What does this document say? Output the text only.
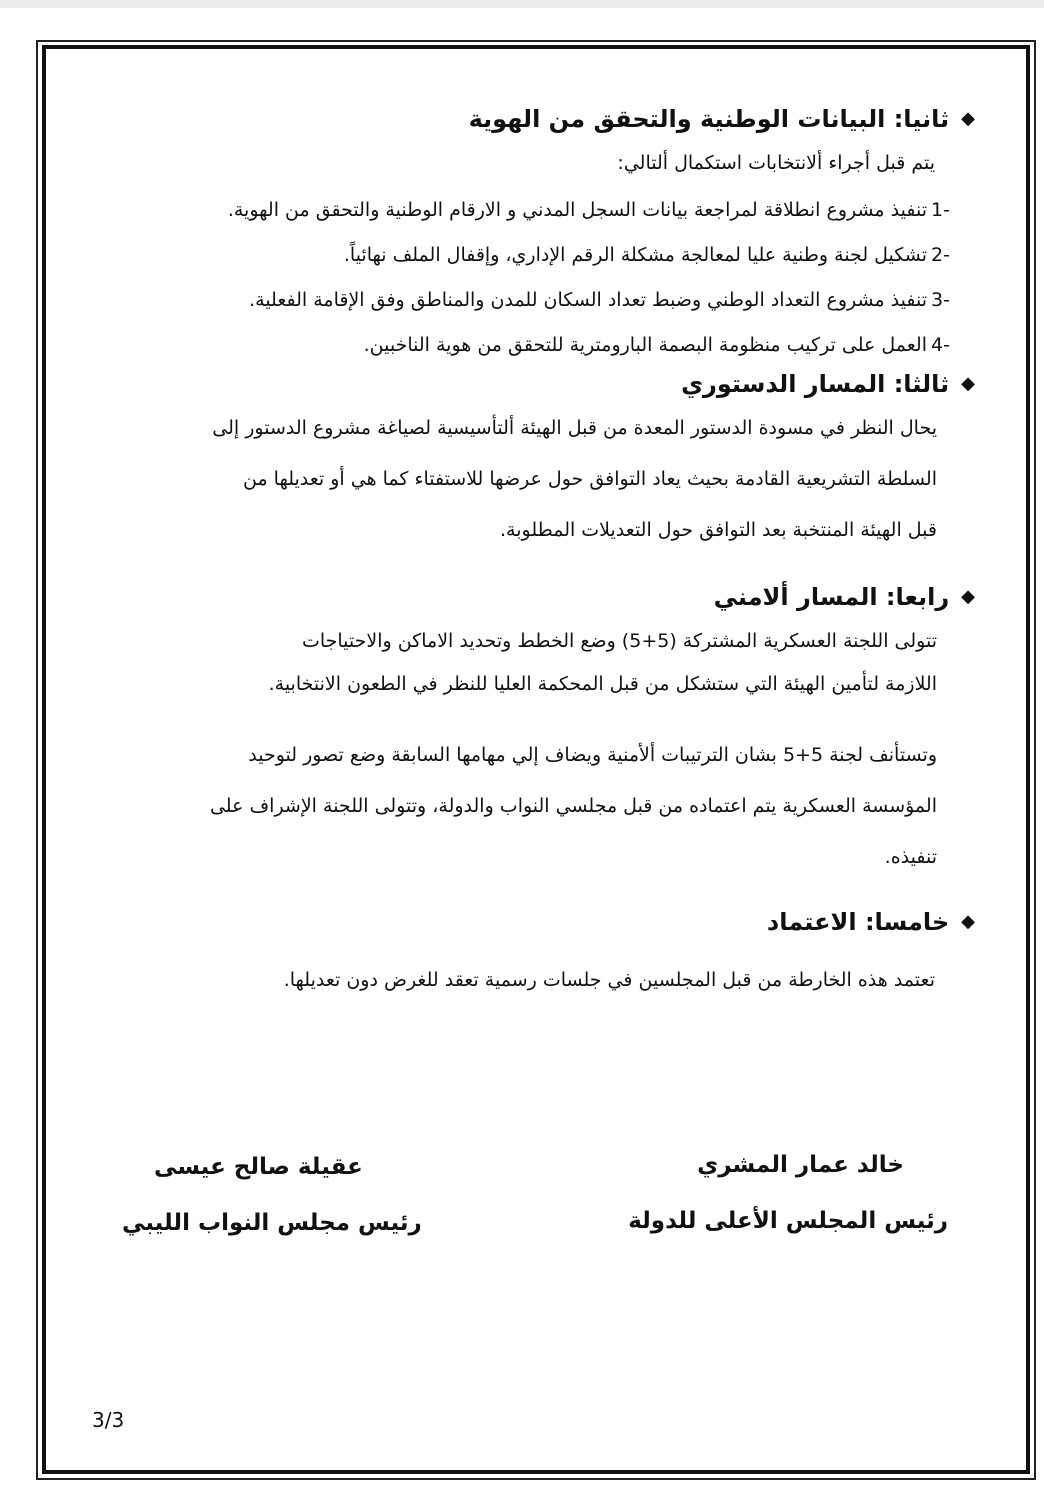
◆
ثانيا: البيانات الوطنية والتحقق من الهوية
يتم قبل أجراء ألانتخابات استكمال ألتالي:
1-
تنفيذ مشروع انطلاقة لمراجعة بيانات السجل المدني و الارقام الوطنية والتحقق من الهوية.
2-
تشكيل لجنة وطنية عليا لمعالجة مشكلة الرقم الإداري، وإقفال الملف نهائياً.
3-
تنفيذ مشروع التعداد الوطني وضبط تعداد السكان للمدن والمناطق وفق الإقامة الفعلية.
4-
العمل على تركيب منظومة البصمة البارومترية للتحقق من هوية الناخبين.
◆
ثالثا: المسار الدستوري
يحال النظر في مسودة الدستور المعدة من قبل الهيئة ألتأسيسية لصياغة مشروع الدستور إلى
السلطة التشريعية القادمة بحيث يعاد التوافق حول عرضها للاستفتاء كما هي أو تعديلها من
قبل الهيئة المنتخبة بعد التوافق حول التعديلات المطلوبة.
◆
رابعا: المسار ألامني
تتولى اللجنة العسكرية المشتركة (5+5) وضع الخطط وتحديد الاماكن والاحتياجات
اللازمة لتأمين الهيئة التي ستشكل من قبل المحكمة العليا للنظر في الطعون الانتخابية.
وتستأنف لجنة 5+5 بشان الترتيبات ألأمنية ويضاف إلي مهامها السابقة وضع تصور لتوحيد
المؤسسة العسكرية يتم اعتماده من قبل مجلسي النواب والدولة، وتتولى اللجنة الإشراف على
تنفيذه.
◆
خامسا: الاعتماد
تعتمد هذه الخارطة من قبل المجلسين في جلسات رسمية تعقد للغرض دون تعديلها.
خالد عمار المشري
رئيس المجلس الأعلى للدولة
عقيلة صالح عيسى
رئيس مجلس النواب الليبي
3/3
